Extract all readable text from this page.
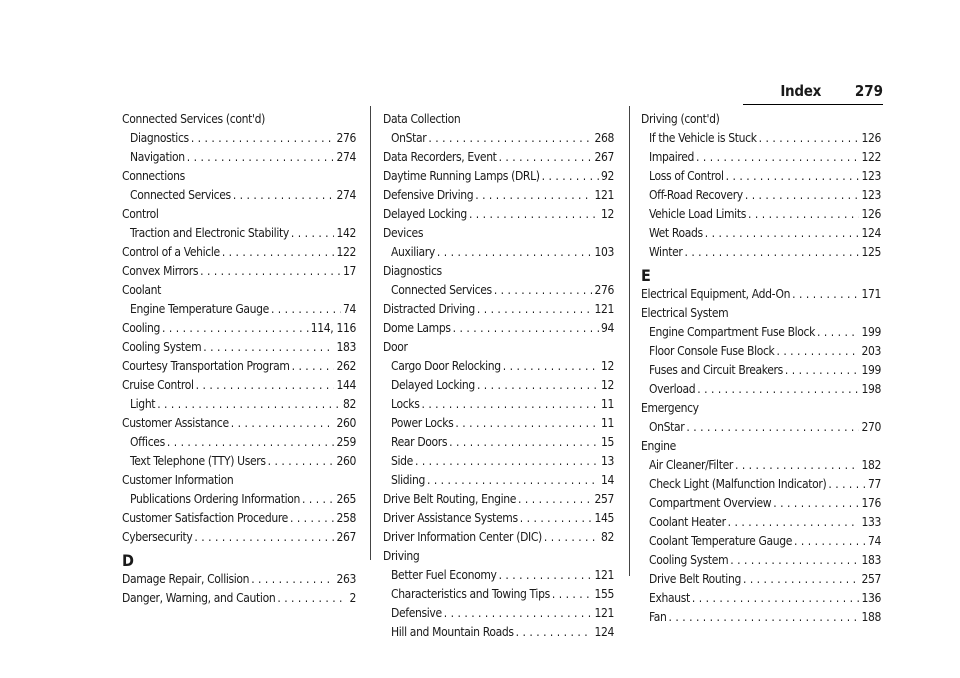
Index 279
Connected Services (cont'd)
Diagnostics . . .	276
Navigation . . .	274
Connections
Connected Services . . .	274
Control
Traction and Electronic Stability . . .	142
Control of a Vehicle . . .	122
Convex Mirrors . . .	17
Coolant
Engine Temperature Gauge . . .	74
Cooling . . .	114, 116
Cooling System . . .	183
Courtesy Transportation Program . . .	262
Cruise Control . . .	144
Light . . .	82
Customer Assistance . . .	260
Offices . . .	259
Text Telephone (TTY) Users . . .	260
Customer Information
Publications Ordering Information . . .	265
Customer Satisfaction Procedure . . .	258
Cybersecurity . . .	267
D
Damage Repair, Collision . . .	263
Danger, Warning, and Caution . . .	2
Data Collection
OnStar . . .	268
Data Recorders, Event . . .	267
Daytime Running Lamps (DRL) . . .	92
Defensive Driving . . .	121
Delayed Locking . . .	12
Devices
Auxiliary . . .	103
Diagnostics
Connected Services . . .	276
Distracted Driving . . .	121
Dome Lamps . . .	94
Door
Cargo Door Relocking . . .	12
Delayed Locking . . .	12
Locks . . .	11
Power Locks . . .	11
Rear Doors . . .	15
Side . . .	13
Sliding . . .	14
Drive Belt Routing, Engine . . .	257
Driver Assistance Systems . . .	145
Driver Information Center (DIC) . . .	82
Driving
Better Fuel Economy . . .	121
Characteristics and Towing Tips . . .	155
Defensive . . .	121
Hill and Mountain Roads . . .	124
Driving (cont'd)
If the Vehicle is Stuck . . .	126
Impaired . . .	122
Loss of Control . . .	123
Off-Road Recovery . . .	123
Vehicle Load Limits . . .	126
Wet Roads . . .	124
Winter . . .	125
E
Electrical Equipment, Add-On . . .	171
Electrical System
Engine Compartment Fuse Block . . .	199
Floor Console Fuse Block . . .	203
Fuses and Circuit Breakers . . .	199
Overload . . .	198
Emergency
OnStar . . .	270
Engine
Air Cleaner/Filter . . .	182
Check Light (Malfunction Indicator) . . .	77
Compartment Overview . . .	176
Coolant Heater . . .	133
Coolant Temperature Gauge . . .	74
Cooling System . . .	183
Drive Belt Routing . . .	257
Exhaust . . .	136
Fan . . .	188
